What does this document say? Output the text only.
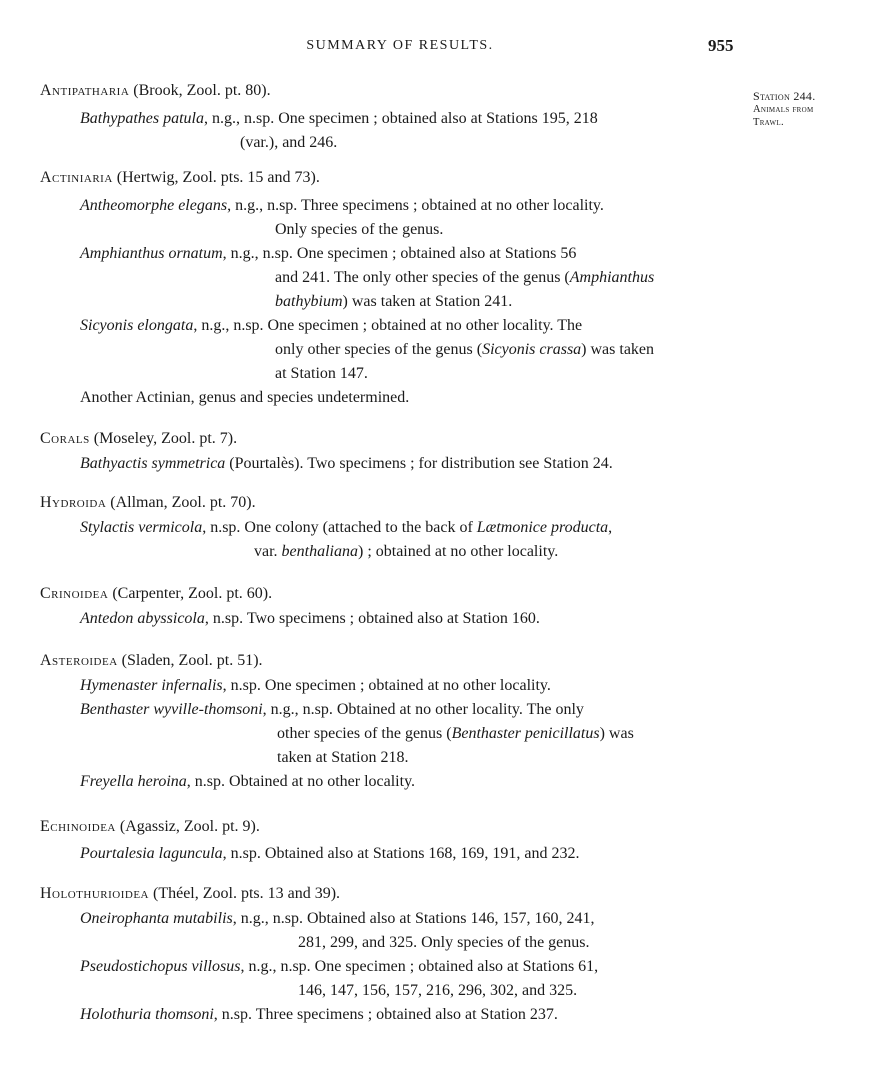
SUMMARY OF RESULTS.	955
Station 244.
Animals from
Trawl.
Antipatharia (Brook, Zool. pt. 80).
Bathypathes patula, n.g., n.sp. One specimen ; obtained also at Stations 195, 218
(var.), and 246.
Actiniaria (Hertwig, Zool. pts. 15 and 73).
Antheomorphe elegans, n.g., n.sp. Three specimens ; obtained at no other locality.
Only species of the genus.
Amphianthus ornatum, n.g., n.sp. One specimen ; obtained also at Stations 56
and 241. The only other species of the genus (Amphianthus
bathybium) was taken at Station 241.
Sicyonis elongata, n.g., n.sp. One specimen ; obtained at no other locality. The
only other species of the genus (Sicyonis crassa) was taken
at Station 147.
Another Actinian, genus and species undetermined.
Corals (Moseley, Zool. pt. 7).
Bathyactis symmetrica (Pourtalès). Two specimens ; for distribution see Station 24.
Hydroida (Allman, Zool. pt. 70).
Stylactis vermicola, n.sp. One colony (attached to the back of Lætmonice producta,
var. benthaliana) ; obtained at no other locality.
Crinoidea (Carpenter, Zool. pt. 60).
Antedon abyssicola, n.sp. Two specimens ; obtained also at Station 160.
Asteroidea (Sladen, Zool. pt. 51).
Hymenaster infernalis, n.sp. One specimen ; obtained at no other locality.
Benthaster wyville-thomsoni, n.g., n.sp. Obtained at no other locality. The only
other species of the genus (Benthaster penicillatus) was
taken at Station 218.
Freyella heroina, n.sp. Obtained at no other locality.
Echinoidea (Agassiz, Zool. pt. 9).
Pourtalesia laguncula, n.sp. Obtained also at Stations 168, 169, 191, and 232.
Holothurioidea (Théel, Zool. pts. 13 and 39).
Oneirophanta mutabilis, n.g., n.sp. Obtained also at Stations 146, 157, 160, 241,
281, 299, and 325. Only species of the genus.
Pseudostichopus villosus, n.g., n.sp. One specimen ; obtained also at Stations 61,
146, 147, 156, 157, 216, 296, 302, and 325.
Holothuria thomsoni, n.sp. Three specimens ; obtained also at Station 237.
